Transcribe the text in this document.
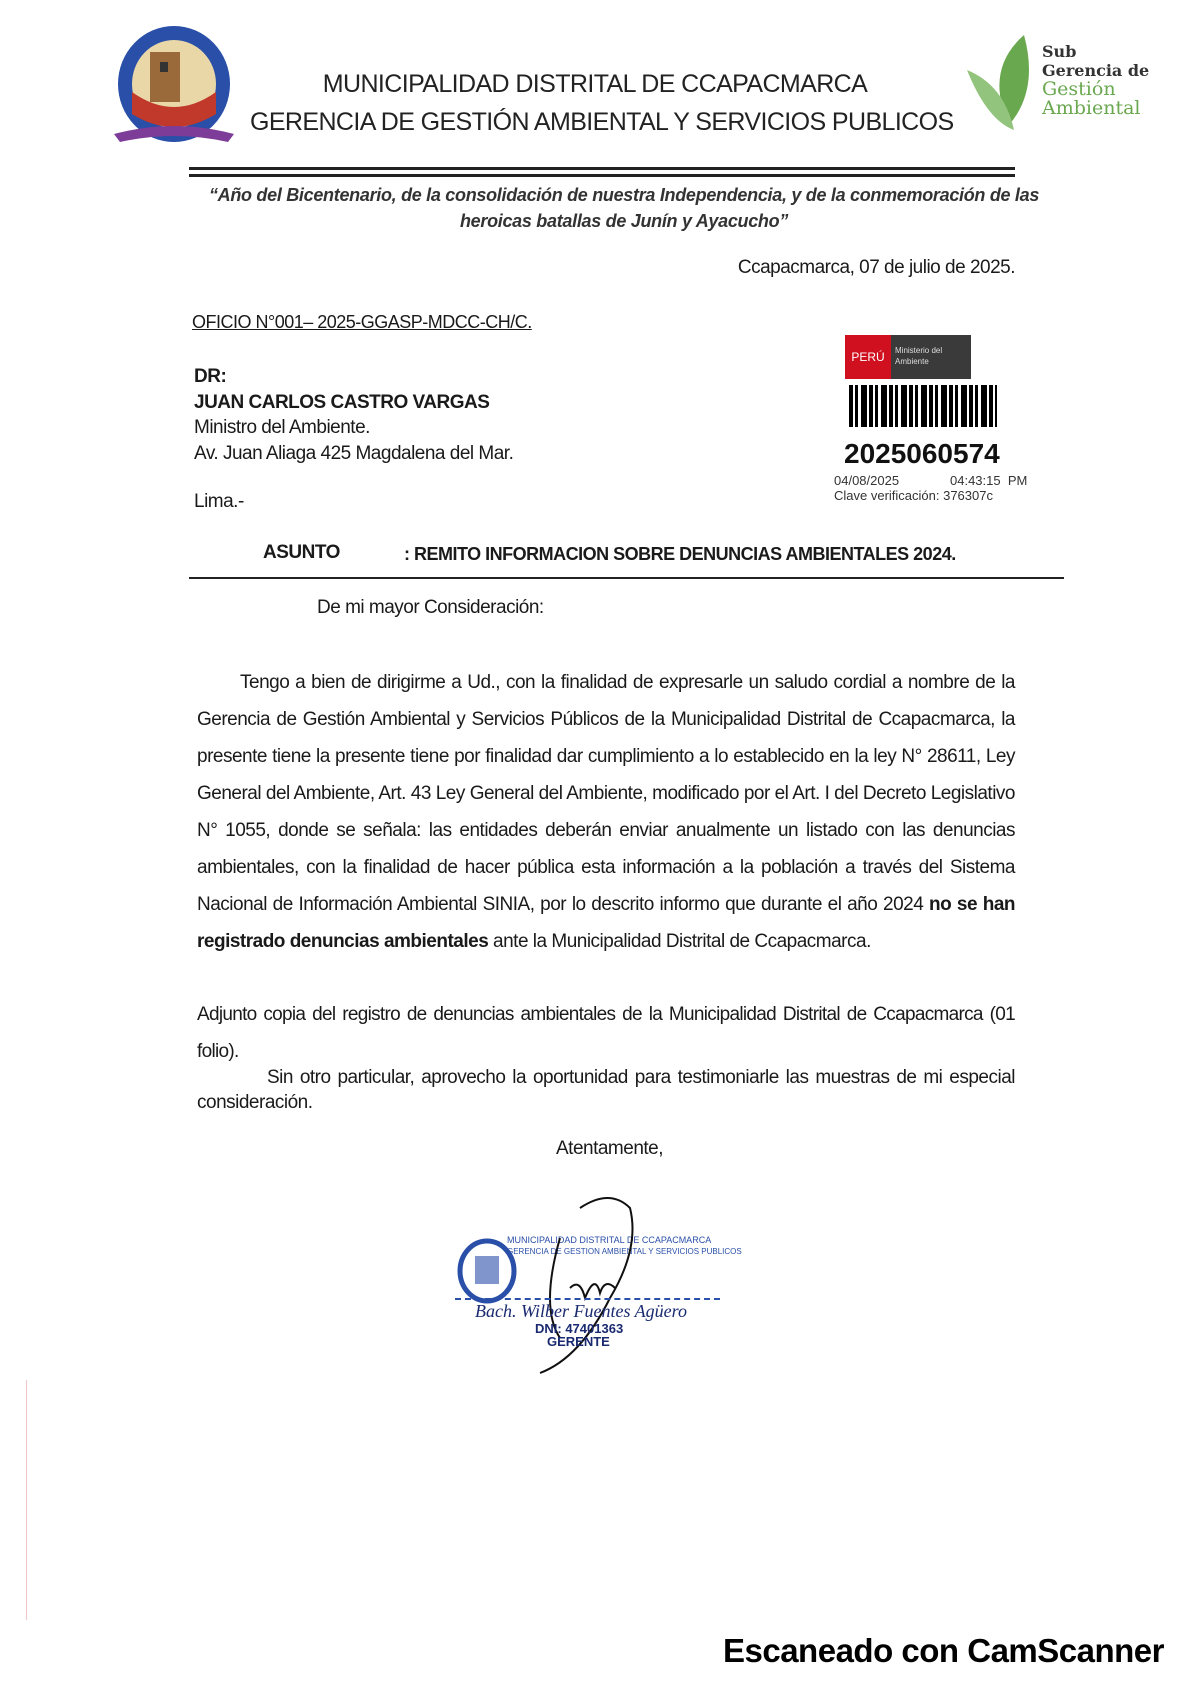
MUNICIPALIDAD DISTRITAL DE CCAPACMARCA
GERENCIA DE GESTIÓN AMBIENTAL Y SERVICIOS PUBLICOS
Sub
Gerencia de
Gestión
Ambiental
“Año del Bicentenario, de la consolidación de nuestra Independencia, y de la conmemoración de las heroicas batallas de Junín y Ayacucho”
Ccapacmarca, 07 de julio de 2025.
OFICIO N°001– 2025-GGASP-MDCC-CH/C.
DR:
JUAN CARLOS CASTRO VARGAS
Ministro del Ambiente.
Av. Juan Aliaga 425 Magdalena del Mar.
Lima.-
PERÚ	Ministerio del Ambiente
2025060574
04/08/2025	04:43:15  PM
Clave verificación: 376307c
ASUNTO	: REMITO INFORMACION SOBRE DENUNCIAS AMBIENTALES 2024.
De mi mayor Consideración:
Tengo a bien de dirigirme a Ud., con la finalidad de expresarle un saludo cordial a nombre de la Gerencia de Gestión Ambiental y Servicios Públicos de la Municipalidad Distrital de Ccapacmarca, la presente tiene la presente tiene por finalidad dar cumplimiento a lo establecido en la ley N° 28611, Ley General del Ambiente, Art. 43 Ley General del Ambiente, modificado por el Art. I del Decreto Legislativo N° 1055, donde se señala: las entidades deberán enviar anualmente un listado con las denuncias ambientales, con la finalidad de hacer pública esta información a la población a través del Sistema Nacional de Información Ambiental SINIA, por lo descrito informo que durante el año 2024 no se han registrado denuncias ambientales ante la Municipalidad Distrital de Ccapacmarca.
Adjunto copia del registro de denuncias ambientales de la Municipalidad Distrital de Ccapacmarca (01 folio).
Sin otro particular, aprovecho la oportunidad para testimoniarle las muestras de mi especial consideración.
Atentamente,
MUNICIPALIDAD DISTRITAL DE CCAPACMARCA
GERENCIA DE GESTION AMBIENTAL Y SERVICIOS PUBLICOS
Bach. Wilber Fuentes Agüero
DNI: 47401363
GERENTE
Escaneado con CamScanner
